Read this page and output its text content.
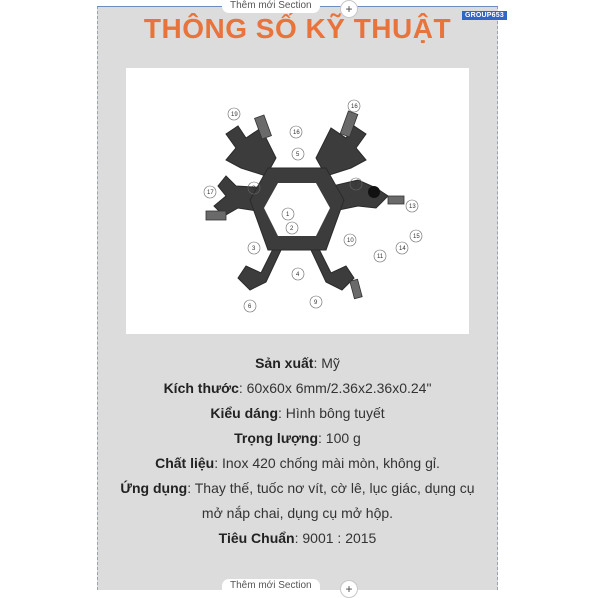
Thêm mới Section	+	GROUP653
THÔNG SỐ KỸ THUẬT
19
16
16
5
17
8
7
13
1
2
3
10
11
14
15
4
6
9
Sản xuất: Mỹ
Kích thước: 60x60x 6mm/2.36x2.36x0.24"
Kiểu dáng: Hình bông tuyết
Trọng lượng: 100 g
Chất liệu: Inox 420 chống mài mòn, không gỉ.
Ứng dụng: Thay thế, tuốc nơ vít, cờ lê, lục giác, dụng cụ mở nắp chai, dụng cụ mở hộp.
Tiêu Chuẩn: 9001 : 2015
Thêm mới Section	+
